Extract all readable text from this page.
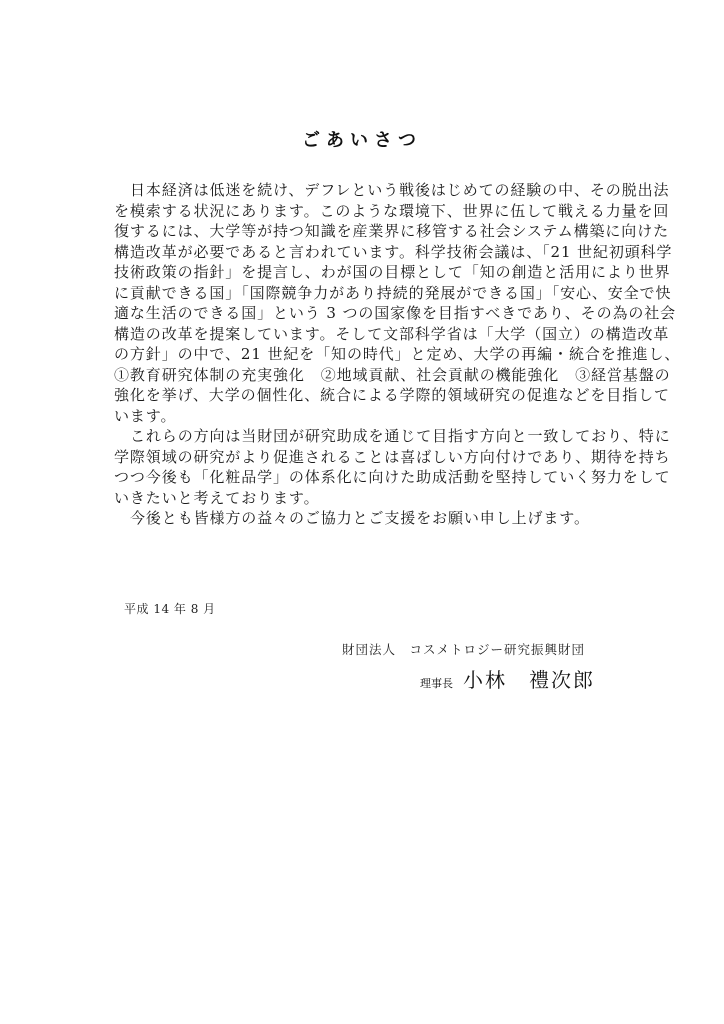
ごあいさつ
日本経済は低迷を続け、デフレという戦後はじめての経験の中、その脱出法
を模索する状況にあります。このような環境下、世界に伍して戦える力量を回
復するには、大学等が持つ知識を産業界に移管する社会システム構築に向けた
構造改革が必要であると言われています。科学技術会議は、「21 世紀初頭科学
技術政策の指針」を提言し、わが国の目標として「知の創造と活用により世界
に貢献できる国」「国際競争力があり持続的発展ができる国」「安心、安全で快
適な生活のできる国」という 3 つの国家像を目指すべきであり、その為の社会
構造の改革を提案しています。そして文部科学省は「大学（国立）の構造改革
の方針」の中で、21 世紀を「知の時代」と定め、大学の再編・統合を推進し、
①教育研究体制の充実強化　②地域貢献、社会貢献の機能強化　③経営基盤の
強化を挙げ、大学の個性化、統合による学際的領域研究の促進などを目指して
います。
これらの方向は当財団が研究助成を通じて目指す方向と一致しており、特に
学際領域の研究がより促進されることは喜ばしい方向付けであり、期待を持ち
つつ今後も「化粧品学」の体系化に向けた助成活動を堅持していく努力をして
いきたいと考えております。
今後とも皆様方の益々のご協力とご支援をお願い申し上げます。
平成 14 年 8 月
財団法人　コスメトロジー研究振興財団
理事長 小林　禮次郎
